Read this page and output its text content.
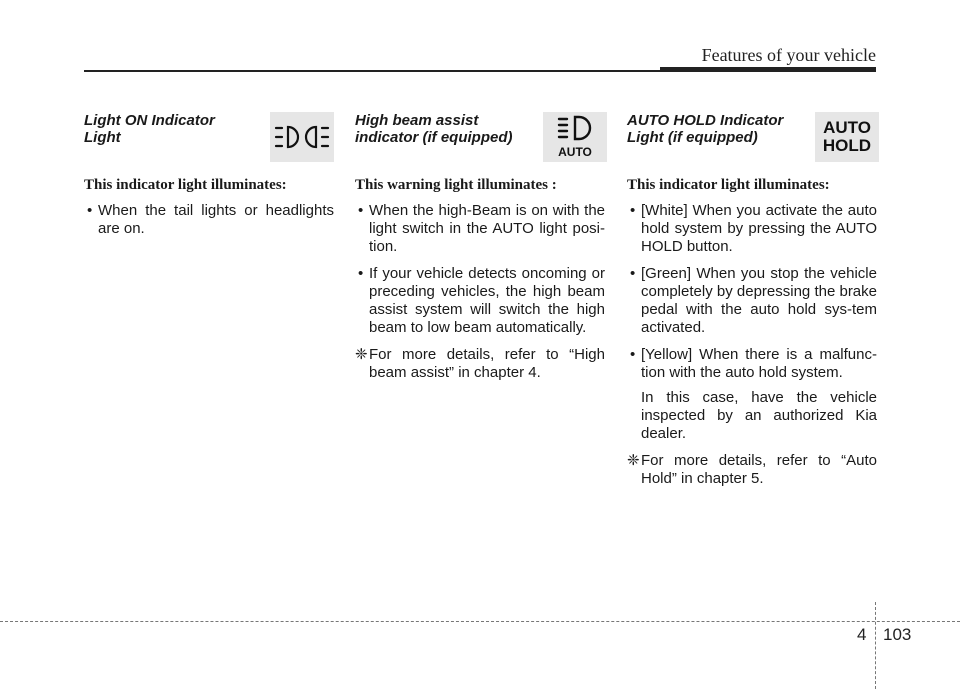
Features of your vehicle
Light ON Indicator Light
This indicator light illuminates:
• When the tail lights or headlights are on.
High beam assist indicator (if equipped)
AUTO
This warning light illuminates :
• When the high-Beam is on with the light switch in the AUTO light posi-tion.
• If your vehicle detects oncoming or preceding vehicles, the high beam assist system will switch the high beam to low beam automatically.
❈ For more details, refer to “High beam assist” in chapter 4.
AUTO HOLD Indicator Light (if equipped)
AUTO
HOLD
This indicator light illuminates:
• [White] When you activate the auto hold system by pressing the AUTO HOLD button.
• [Green] When you stop the vehicle completely by depressing the brake pedal with the auto hold sys-tem activated.
• [Yellow] When there is a malfunc-tion with the auto hold system.
In this case, have the vehicle inspected by an authorized Kia dealer.
❈ For more details, refer to “Auto Hold” in chapter 5.
4 103
